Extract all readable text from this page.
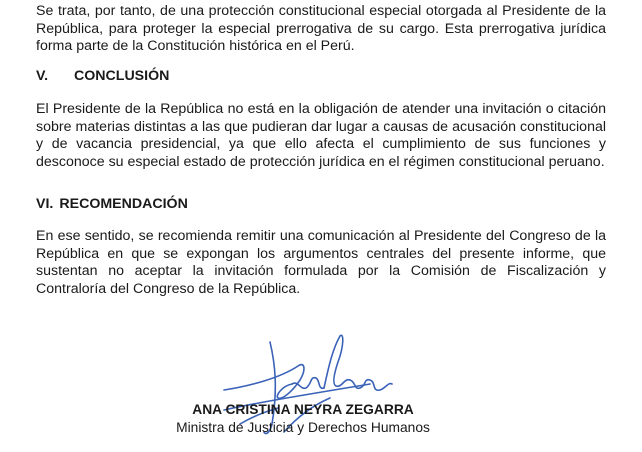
Se trata, por tanto, de una protección constitucional especial otorgada al Presidente de la República, para proteger la especial prerrogativa de su cargo. Esta prerrogativa jurídica forma parte de la Constitución histórica en el Perú.

V. CONCLUSIÓN

El Presidente de la República no está en la obligación de atender una invitación o citación sobre materias distintas a las que pudieran dar lugar a causas de acusación constitucional y de vacancia presidencial, ya que ello afecta el cumplimiento de sus funciones y desconoce su especial estado de protección jurídica en el régimen constitucional peruano.

VI. RECOMENDACIÓN

En ese sentido, se recomienda remitir una comunicación al Presidente del Congreso de la República en que se expongan los argumentos centrales del presente informe, que sustentan no aceptar la invitación formulada por la Comisión de Fiscalización y Contraloría del Congreso de la República.

ANA CRISTINA NEYRA ZEGARRA
Ministra de Justicia y Derechos Humanos
